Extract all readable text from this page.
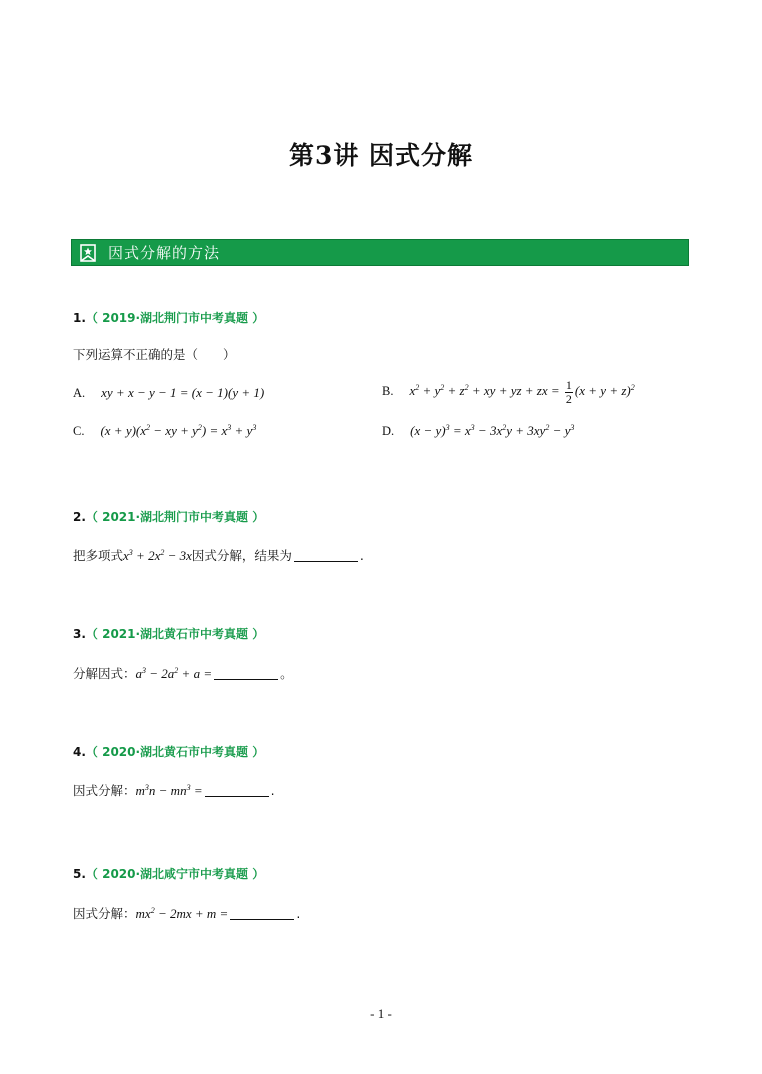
第3讲 因式分解
因式分解的方法
1.（ 2019·湖北荆门市中考真题 ）
下列运算不正确的是（　　）
A. xy + x − y − 1 = (x − 1)(y + 1)	B. $x^2 + y^2 + z^2$ + xy + yz + zx = $\frac{1}{2} (x + y + z)^2$
C. $(x + y)(x^2$ − xy + $y^2) = x^3 + y^3$	D. $(x - y)^3 = x^3 - 3x^2y + 3xy^2 - y^3$
2.（ 2021·湖北荆门市中考真题 ）
把多项式$x^3 + 2x^2 - 3x$因式分解，结果为	.
3.（ 2021·湖北黄石市中考真题 ）
分解因式：$a^3 - 2a^2 + a$ =	。
4.（ 2020·湖北黄石市中考真题 ）
因式分解：$m^3n - mn^3$ =	.
5.（ 2020·湖北咸宁市中考真题 ）
因式分解：$mx^2 - 2mx + m$ =	.
- 1 -
